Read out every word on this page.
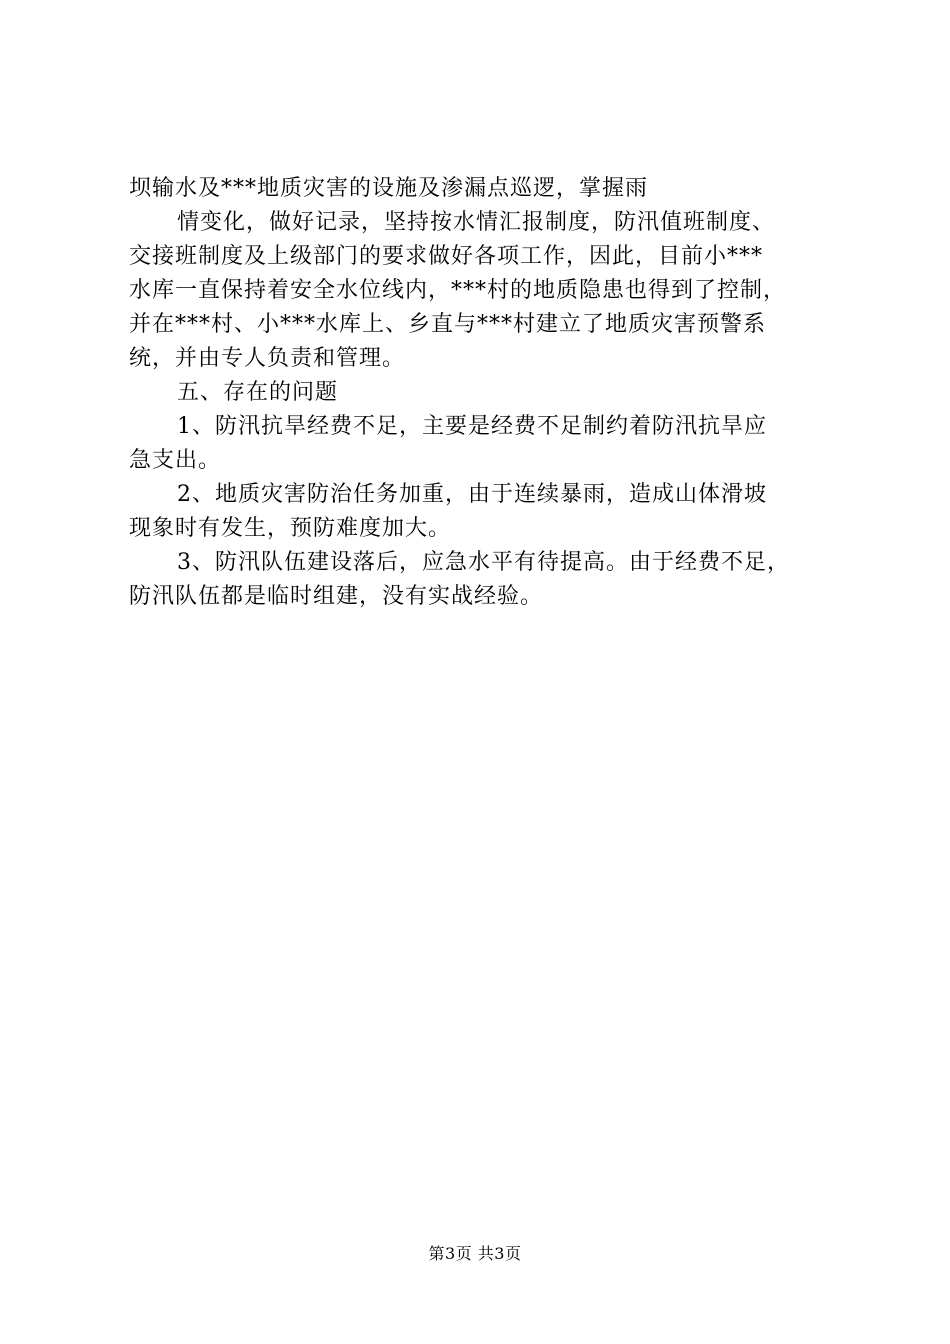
坝输水及***地质灾害的设施及渗漏点巡逻，掌握雨
情变化，做好记录，坚持按水情汇报制度，防汛值班制度、
交接班制度及上级部门的要求做好各项工作，因此，目前小***
水库一直保持着安全水位线内，***村的地质隐患也得到了控制，
并在***村、小***水库上、乡直与***村建立了地质灾害预警系
统，并由专人负责和管理。
五、存在的问题
1、防汛抗旱经费不足，主要是经费不足制约着防汛抗旱应
急支出。
2、地质灾害防治任务加重，由于连续暴雨，造成山体滑坡
现象时有发生，预防难度加大。
3、防汛队伍建设落后，应急水平有待提高。由于经费不足，
防汛队伍都是临时组建，没有实战经验。
第3页 共3页
